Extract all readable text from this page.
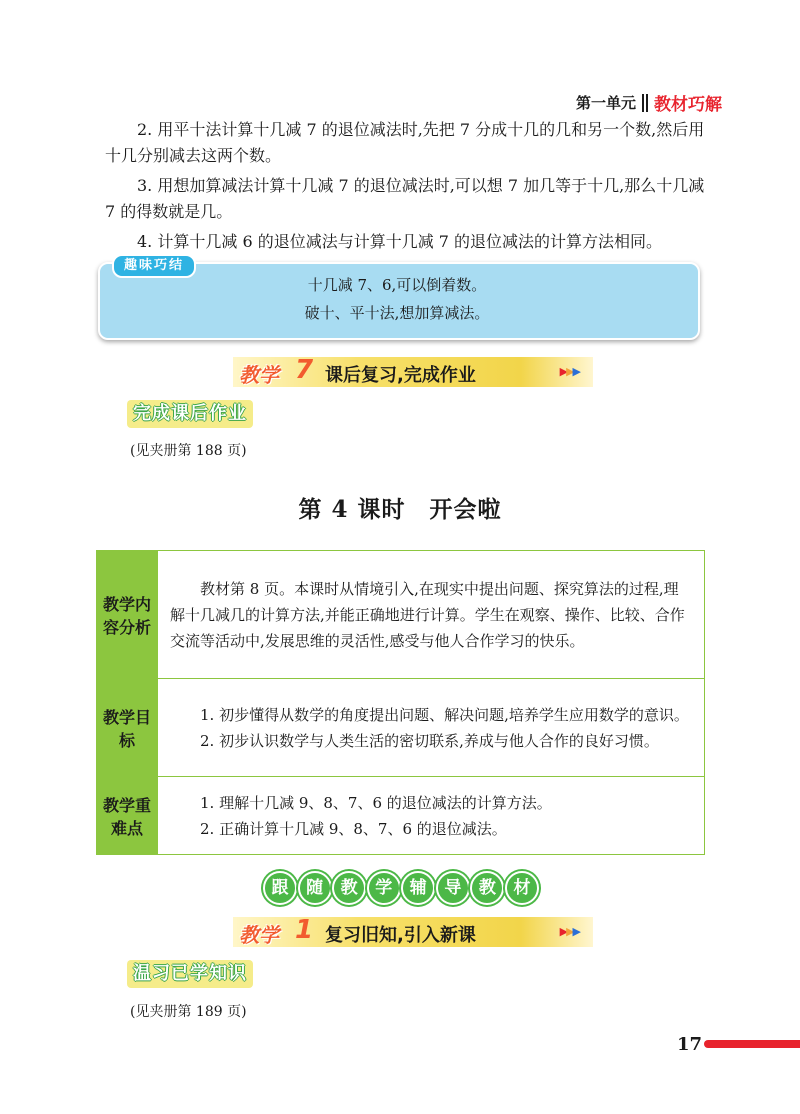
第一单元 教材巧解
2. 用平十法计算十几减 7 的退位减法时,先把 7 分成十几的几和另一个数,然后用十几分别减去这两个数。
3. 用想加算减法计算十几减 7 的退位减法时,可以想 7 加几等于十几,那么十几减 7 的得数就是几。
4. 计算十几减 6 的退位减法与计算十几减 7 的退位减法的计算方法相同。
趣味巧结
十几减 7、6,可以倒着数。
破十、平十法,想加算减法。
教学 7 课后复习,完成作业	▶▶▶
完成课后作业
(见夹册第 188 页)
第 4 课时　开会啦
教学内容分析	教材第 8 页。本课时从情境引入,在现实中提出问题、探究算法的过程,理解十几减几的计算方法,并能正确地进行计算。学生在观察、操作、比较、合作交流等活动中,发展思维的灵活性,感受与他人合作学习的快乐。

教学目标	1. 初步懂得从数学的角度提出问题、解决问题,培养学生应用数学的意识。
2. 初步认识数学与人类生活的密切联系,养成与他人合作的良好习惯。

教学重难点	1. 理解十几减 9、8、7、6 的退位减法的计算方法。
2. 正确计算十几减 9、8、7、6 的退位减法。
跟	随	教	学	辅	导	教	材
教学 1 复习旧知,引入新课	▶▶▶
温习已学知识
(见夹册第 189 页)
17
